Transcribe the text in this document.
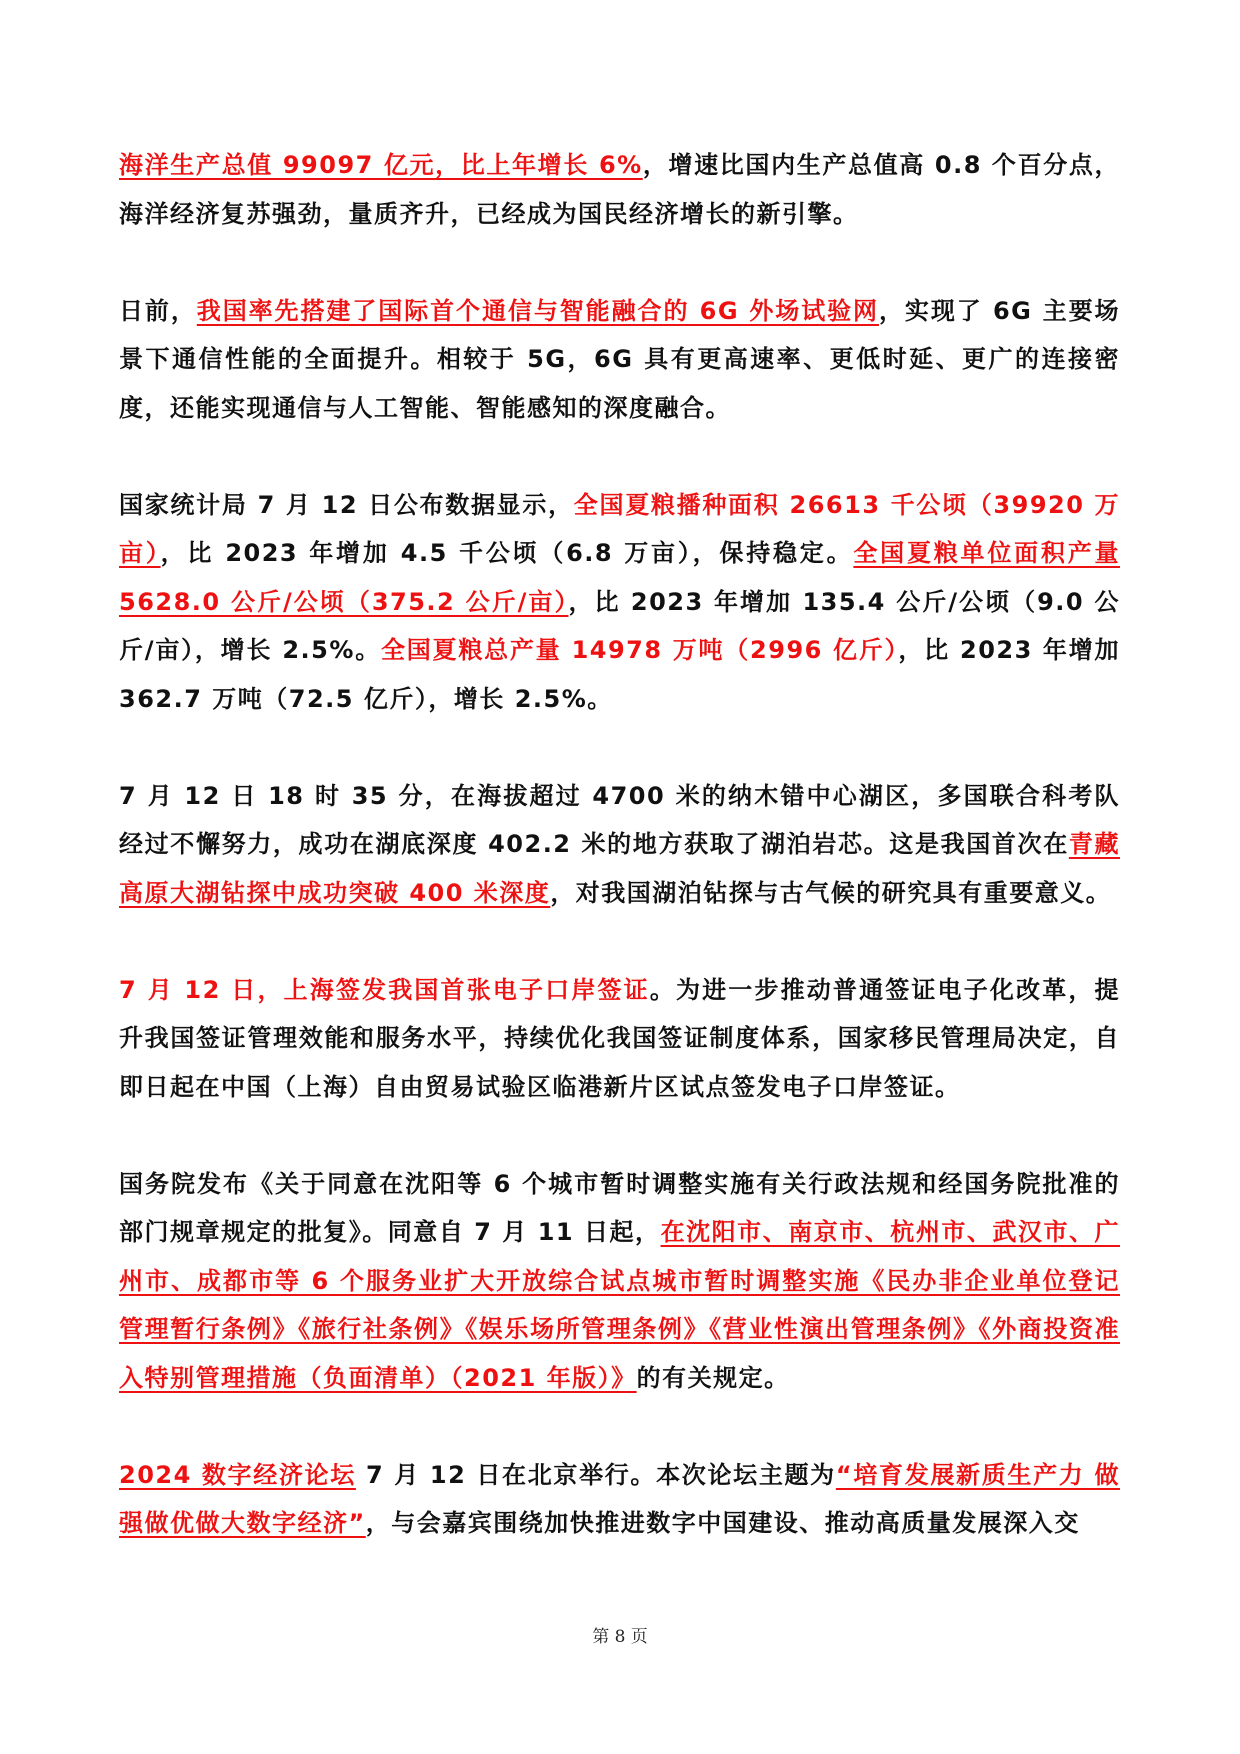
海洋生产总值 99097 亿元，比上年增长 6%，增速比国内生产总值高 0.8 个百分点，海洋经济复苏强劲，量质齐升，已经成为国民经济增长的新引擎。

日前，我国率先搭建了国际首个通信与智能融合的 6G 外场试验网，实现了 6G 主要场景下通信性能的全面提升。相较于 5G，6G 具有更高速率、更低时延、更广的连接密度，还能实现通信与人工智能、智能感知的深度融合。

国家统计局 7 月 12 日公布数据显示，全国夏粮播种面积 26613 千公顷（39920 万亩），比 2023 年增加 4.5 千公顷（6.8 万亩），保持稳定。全国夏粮单位面积产量 5628.0 公斤/公顷（375.2 公斤/亩），比 2023 年增加 135.4 公斤/公顷（9.0 公斤/亩），增长 2.5%。全国夏粮总产量 14978 万吨（2996 亿斤），比 2023 年增加 362.7 万吨（72.5 亿斤），增长 2.5%。

7 月 12 日 18 时 35 分，在海拔超过 4700 米的纳木错中心湖区，多国联合科考队经过不懈努力，成功在湖底深度 402.2 米的地方获取了湖泊岩芯。这是我国首次在青藏高原大湖钻探中成功突破 400 米深度，对我国湖泊钻探与古气候的研究具有重要意义。

7 月 12 日，上海签发我国首张电子口岸签证。为进一步推动普通签证电子化改革，提升我国签证管理效能和服务水平，持续优化我国签证制度体系，国家移民管理局决定，自即日起在中国（上海）自由贸易试验区临港新片区试点签发电子口岸签证。

国务院发布《关于同意在沈阳等 6 个城市暂时调整实施有关行政法规和经国务院批准的部门规章规定的批复》。同意自 7 月 11 日起，在沈阳市、南京市、杭州市、武汉市、广州市、成都市等 6 个服务业扩大开放综合试点城市暂时调整实施《民办非企业单位登记管理暂行条例》《旅行社条例》《娱乐场所管理条例》《营业性演出管理条例》《外商投资准入特别管理措施（负面清单）（2021 年版）》的有关规定。

2024 数字经济论坛 7 月 12 日在北京举行。本次论坛主题为“培育发展新质生产力 做强做优做大数字经济”，与会嘉宾围绕加快推进数字中国建设、推动高质量发展深入交

第 8 页
